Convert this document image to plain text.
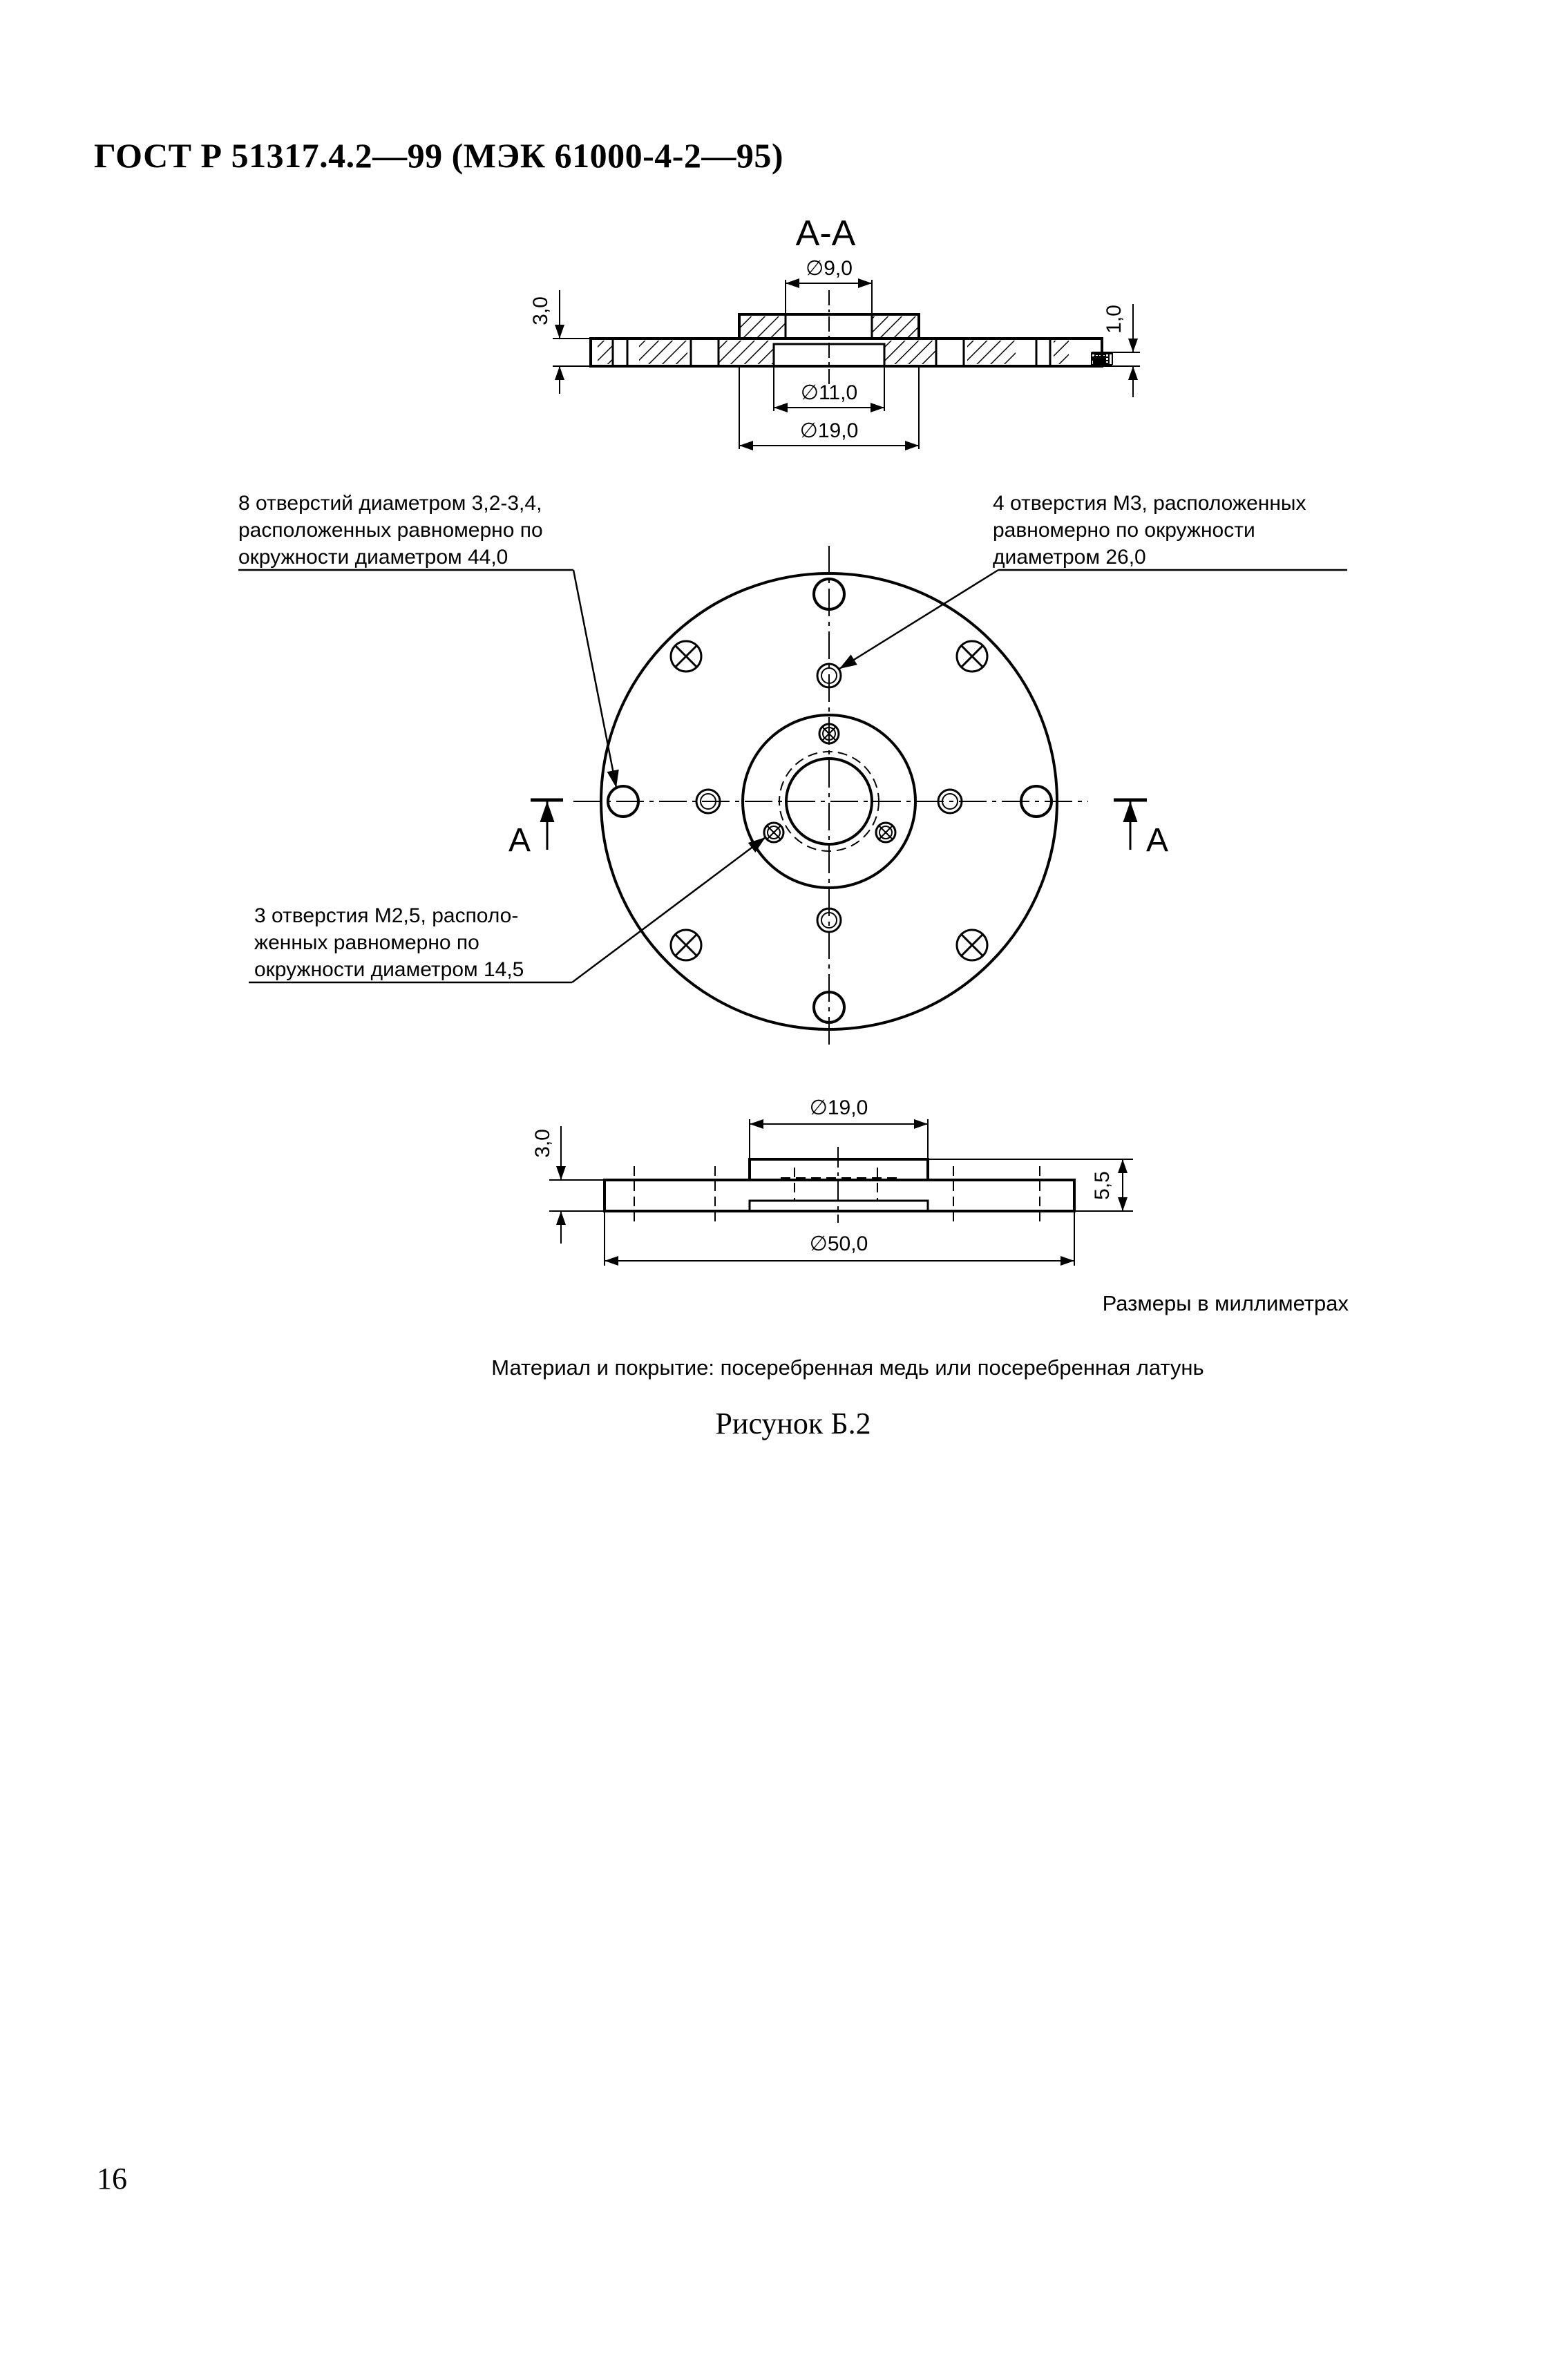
ГОСТ Р 51317.4.2—99 (МЭК 61000-4-2—95)
А-А
∅9,0
∅11,0
∅19,0
3,0	1,0
А	А
8 отверстий диаметром 3,2-3,4,
расположенных равномерно по
окружности диаметром 44,0
4 отверстия М3, расположенных
равномерно по окружности
диаметром 26,0
3 отверстия М2,5, располо-
женных равномерно по
окружности диаметром 14,5
∅19,0
∅50,0
3,0
5,5
Размеры в миллиметрах
Материал и покрытие: посеребренная медь или посеребренная латунь
Рисунок Б.2
16
